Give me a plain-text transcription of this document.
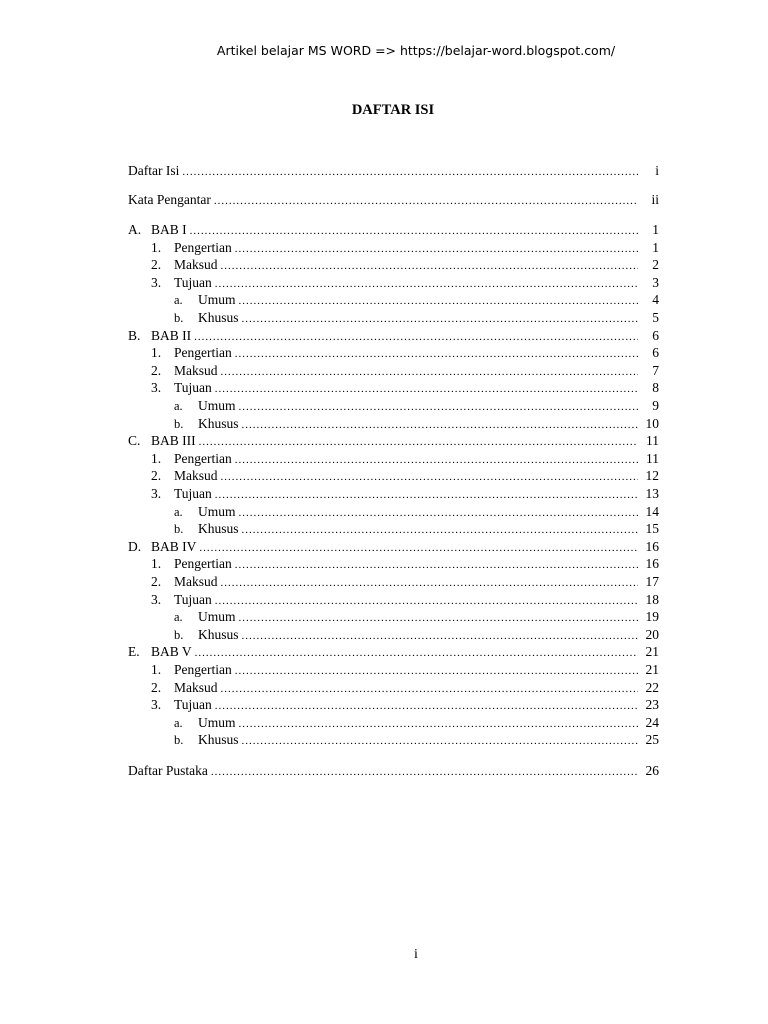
Artikel belajar MS WORD => https://belajar-word.blogspot.com/
DAFTAR ISI
Daftar Isi .....	i
Kata Pengantar .....	ii
A. BAB I .....	1
1. Pengertian .....	1
2. Maksud .....	2
3. Tujuan .....	3
a.	Umum .....	4
b.	Khusus .....	5
B. BAB II .....	6
1. Pengertian .....	6
2. Maksud .....	7
3. Tujuan .....	8
a.	Umum .....	9
b.	Khusus .....	10
C. BAB III .....	11
1. Pengertian .....	11
2. Maksud .....	12
3. Tujuan .....	13
a.	Umum .....	14
b.	Khusus .....	15
D. BAB IV .....	16
1. Pengertian .....	16
2. Maksud .....	17
3. Tujuan .....	18
a.	Umum .....	19
b.	Khusus .....	20
E. BAB V .....	21
1. Pengertian .....	21
2. Maksud .....	22
3. Tujuan .....	23
a.	Umum .....	24
b.	Khusus .....	25
Daftar Pustaka .....	26
i
